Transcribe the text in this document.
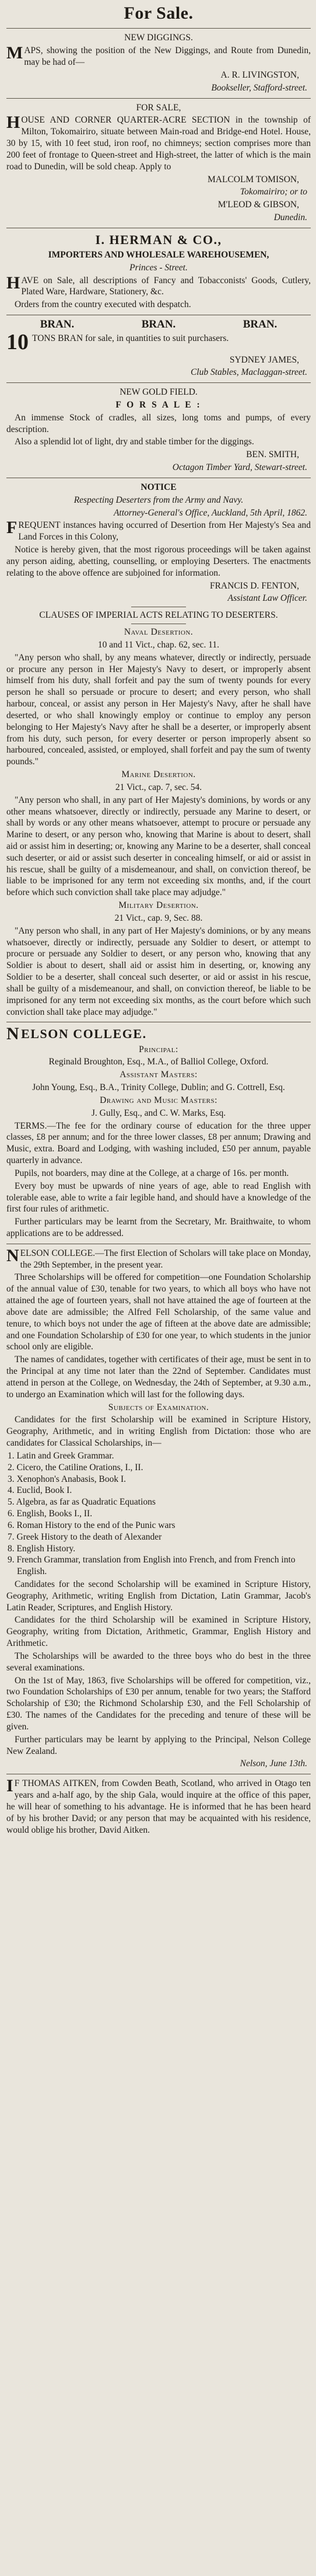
For Sale.
NEW DIGGINGS.
MAPS, showing the position of the New Diggings, and Route from Dunedin, may be had of—
A. R. LIVINGSTON,
Bookseller, Stafford-street.
FOR SALE,
HOUSE AND CORNER QUARTER-ACRE SECTION in the township of Milton, Tokomairiro, situate between Main-road and Bridge-end Hotel. House, 30 by 15, with 10 feet stud, iron roof, no chimneys; section comprises more than 200 feet of frontage to Queen-street and High-street, the latter of which is the main road to Dunedin, will be sold cheap. Apply to
MALCOLM TOMISON,
Tokomairiro; or to
M'LEOD & GIBSON,
Dunedin.
I. HERMAN & CO.,
IMPORTERS AND WHOLESALE WAREHOUSEMEN,
Princes - Street.
HAVE on Sale, all descriptions of Fancy and Tobacconists' Goods, Cutlery, Plated Ware, Hardware, Stationery, &c.
Orders from the country executed with despatch.
BRAN.	BRAN.	BRAN.
10 TONS BRAN for sale, in quantities to suit purchasers.
SYDNEY JAMES,
Club Stables, Maclaggan-street.
NEW GOLD FIELD.
F O R S A L E :
An immense Stock of cradles, all sizes, long toms and pumps, of every description.
Also a splendid lot of light, dry and stable timber for the diggings.
BEN. SMITH,
Octagon Timber Yard, Stewart-street.
NOTICE
Respecting Deserters from the Army and Navy.
Attorney-General's Office, Auckland, 5th April, 1862.
FREQUENT instances having occurred of Desertion from Her Majesty's Sea and Land Forces in this Colony,
Notice is hereby given, that the most rigorous proceedings will be taken against any person aiding, abetting, counselling, or employing Deserters. The enactments relating to the above offence are subjoined for information.
FRANCIS D. FENTON,
Assistant Law Officer.
CLAUSES OF IMPERIAL ACTS RELATING TO DESERTERS.
Naval Desertion.
10 and 11 Vict., chap. 62, sec. 11.
"Any person who shall, by any means whatever, directly or indirectly, persuade or procure any person in Her Majesty's Navy to desert, or improperly absent himself from his duty, shall forfeit and pay the sum of twenty pounds for every person he shall so persuade or procure to desert; and every person, who shall harbour, conceal, or assist any person in Her Majesty's Navy, after he shall have deserted, or who shall knowingly employ or continue to employ any person belonging to Her Majesty's Navy after he shall be a deserter, or improperly absent from his duty, such person, for every deserter or person improperly absent so harboured, concealed, assisted, or employed, shall forfeit and pay the sum of twenty pounds."
Marine Desertion.
21 Vict., cap. 7, sec. 54.
"Any person who shall, in any part of Her Majesty's dominions, by words or any other means whatsoever, directly or indirectly, persuade any Marine to desert, or shall by words or any other means whatsoever, attempt to procure or persuade any Marine to desert, or any person who, knowing that Marine is about to desert, shall aid or assist him in deserting; or, knowing any Marine to be a deserter, shall conceal such deserter, or aid or assist such deserter in concealing himself, or aid or assist in his rescue, shall be guilty of a misdemeanour, and shall, on conviction thereof, be liable to be imprisoned for any term not exceeding six months, and, if the court before which such conviction shall take place may adjudge."
Military Desertion.
21 Vict., cap. 9, Sec. 88.
"Any person who shall, in any part of Her Majesty's dominions, or by any means whatsoever, directly or indirectly, persuade any Soldier to desert, or attempt to procure or persuade any Soldier to desert, or any person who, knowing that any Soldier is about to desert, shall aid or assist him in deserting, or, knowing any Soldier to be a deserter, shall conceal such deserter, or aid or assist in his rescue, shall be guilty of a misdemeanour, and shall, on conviction thereof, be liable to be imprisoned for any term not exceeding six months, as the court before which such conviction shall take place may adjudge."
NELSON COLLEGE.
Principal:
Reginald Broughton, Esq., M.A., of Balliol College, Oxford.
Assistant Masters:
John Young, Esq., B.A., Trinity College, Dublin; and G. Cottrell, Esq.
Drawing and Music Masters:
J. Gully, Esq., and C. W. Marks, Esq.
TERMS.—The fee for the ordinary course of education for the three upper classes, £8 per annum; and for the three lower classes, £8 per annum; Drawing and Music, extra. Board and Lodging, with washing included, £50 per annum, payable quarterly in advance.
Pupils, not boarders, may dine at the College, at a charge of 16s. per month.
Every boy must be upwards of nine years of age, able to read English with tolerable ease, able to write a fair legible hand, and should have a knowledge of the first four rules of arithmetic.
Further particulars may be learnt from the Secretary, Mr. Braithwaite, to whom applications are to be addressed.
NELSON COLLEGE.—The first Election of Scholars will take place on Monday, the 29th September, in the present year.
Three Scholarships will be offered for competition—one Foundation Scholarship of the annual value of £30, tenable for two years, to which all boys who have not attained the age of fourteen years, shall not have attained the age of fourteen at the above date are admissible; the Alfred Fell Scholarship, of the same value and tenure, to which boys not under the age of fifteen at the above date are admissible; and one Foundation Scholarship of £30 for one year, to which students in the junior school only are eligible.
The names of candidates, together with certificates of their age, must be sent in to the Principal at any time not later than the 22nd of September. Candidates must attend in person at the College, on Wednesday, the 24th of September, at 9.30 a.m., to undergo an Examination which will last for the following days.
Subjects of Examination.
Candidates for the first Scholarship will be examined in Scripture History, Geography, Arithmetic, and in writing English from Dictation: those who are candidates for Classical Scholarships, in—
1. Latin and Greek Grammar.
2. Cicero, the Catiline Orations, I., II.
3. Xenophon's Anabasis, Book I.
4. Euclid, Book I.
5. Algebra, as far as Quadratic Equations
6. English, Books I., II.
6. Roman History to the end of the Punic wars
7. Greek History to the death of Alexander
8. English History.
9. French Grammar, translation from English into French, and from French into English.
Candidates for the second Scholarship will be examined in Scripture History, Geography, Arithmetic, writing English from Dictation, Latin Grammar, Jacob's Latin Reader, Scriptures, and English History.
Candidates for the third Scholarship will be examined in Scripture History, Geography, writing from Dictation, Arithmetic, Grammar, English History and Arithmetic.
The Scholarships will be awarded to the three boys who do best in the three several examinations.
On the 1st of May, 1863, five Scholarships will be offered for competition, viz., two Foundation Scholarships of £30 per annum, tenable for two years; the Stafford Scholarship of £30; the Richmond Scholarship £30, and the Fell Scholarship of £30. The names of the Candidates for the preceding and tenure of these will be given.
Further particulars may be learnt by applying to the Principal, Nelson College New Zealand.
Nelson, June 13th.
IF THOMAS AITKEN, from Cowden Beath, Scotland, who arrived in Otago ten years and a-half ago, by the ship Gala, would inquire at the office of this paper, he will hear of something to his advantage. He is informed that he has been heard of by his brother David; or any person that may be acquainted with his residence, would oblige his brother, David Aitken.
